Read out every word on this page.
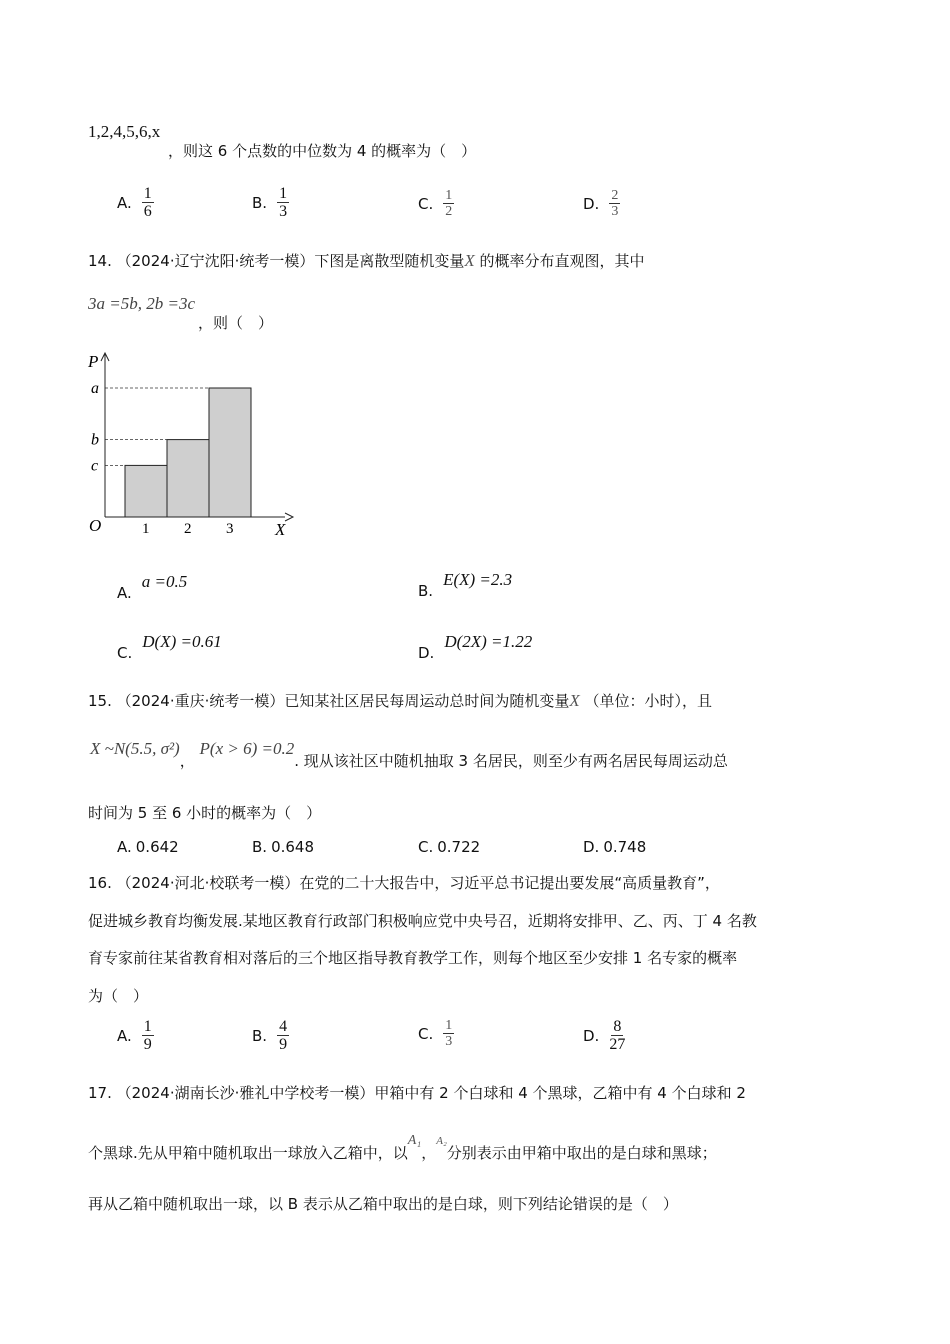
1,2,4,5,6,x
，则这 6 个点数的中位数为 4 的概率为（　）
A. $\frac{1}{6}$	B. $\frac{1}{3}$	C. $\frac{1}{2}$	D. $\frac{2}{3}$
14. （2024·辽宁沈阳·统考一模）下图是离散型随机变量X 的概率分布直观图，其中
3a =5b, 2b =3c
，则（　）
c
1
b
2
a
3
P
X
O
A.
a =0.5	B.
E(X) =2.3
C.
D(X) =0.61
D.
D(2X) =1.22
15. （2024·重庆·统考一模）已知某社区居民每周运动总时间为随机变量X （单位：小时），且
X ~N(5.5, σ²)， P(x > 6) =0.2. 现从该社区中随机抽取 3 名居民，则至少有两名居民每周运动总
时间为 5 至 6 小时的概率为（　）
A. 0.642	B. 0.648	C. 0.722	D. 0.748
16. （2024·河北·校联考一模）在党的二十大报告中，习近平总书记提出要发展“高质量教育”，
促进城乡教育均衡发展.某地区教育行政部门积极响应党中央号召，近期将安排甲、乙、丙、丁 4 名教
育专家前往某省教育相对落后的三个地区指导教育教学工作，则每个地区至少安排 1 名专家的概率
为（　）
A. $\frac{1}{9}$	B. $\frac{4}{9}$	C. $\frac{1}{3}$	D. $\frac{8}{27}$
17. （2024·湖南长沙·雅礼中学校考一模）甲箱中有 2 个白球和 4 个黑球，乙箱中有 4 个白球和 2
个黑球.先从甲箱中随机取出一球放入乙箱中，以A₁，$^{A_2}$分别表示由甲箱中取出的是白球和黑球；
再从乙箱中随机取出一球，以 B 表示从乙箱中取出的是白球，则下列结论错误的是（　）
